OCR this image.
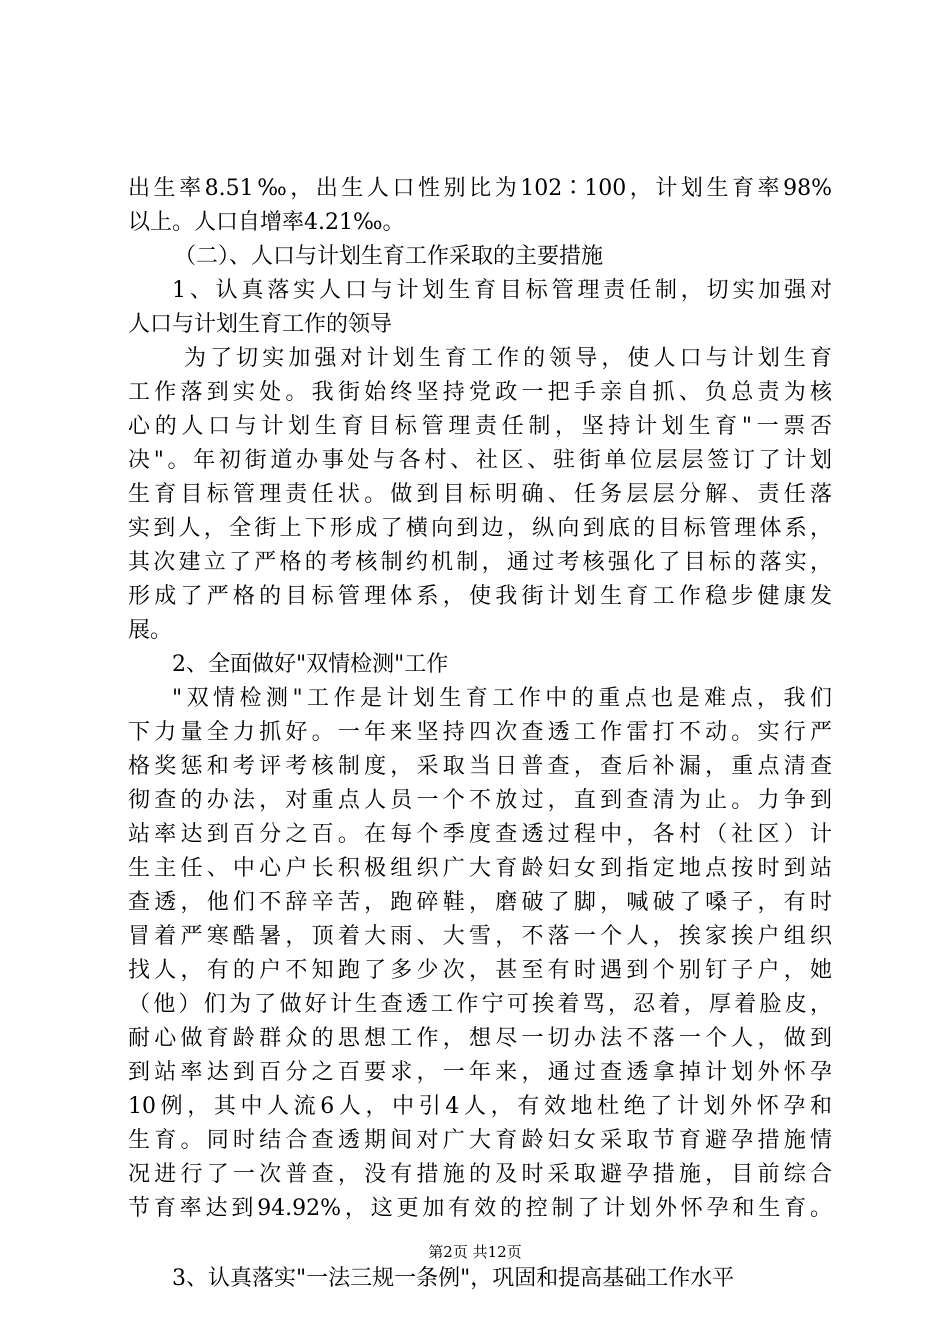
出生率8.51‰，出生人口性别比为102∶100，计划生育率98%
以上。人口自增率4.21‰。
（二）、人口与计划生育工作采取的主要措施
1、认真落实人口与计划生育目标管理责任制，切实加强对
人口与计划生育工作的领导
为了切实加强对计划生育工作的领导，使人口与计划生育
工作落到实处。我街始终坚持党政一把手亲自抓、负总责为核
心的人口与计划生育目标管理责任制，坚持计划生育"一票否
决"。年初街道办事处与各村、社区、驻街单位层层签订了计划
生育目标管理责任状。做到目标明确、任务层层分解、责任落
实到人，全街上下形成了横向到边，纵向到底的目标管理体系，
其次建立了严格的考核制约机制，通过考核强化了目标的落实，
形成了严格的目标管理体系，使我街计划生育工作稳步健康发
展。
2、全面做好"双情检测"工作
"双情检测"工作是计划生育工作中的重点也是难点，我们
下力量全力抓好。一年来坚持四次查透工作雷打不动。实行严
格奖惩和考评考核制度，采取当日普查，查后补漏，重点清查
彻查的办法，对重点人员一个不放过，直到查清为止。力争到
站率达到百分之百。在每个季度查透过程中，各村（社区）计
生主任、中心户长积极组织广大育龄妇女到指定地点按时到站
查透，他们不辞辛苦，跑碎鞋，磨破了脚，喊破了嗓子，有时
冒着严寒酷暑，顶着大雨、大雪，不落一个人，挨家挨户组织
找人，有的户不知跑了多少次，甚至有时遇到个别钉子户，她
（他）们为了做好计生查透工作宁可挨着骂，忍着，厚着脸皮，
耐心做育龄群众的思想工作，想尽一切办法不落一个人，做到
到站率达到百分之百要求，一年来，通过查透拿掉计划外怀孕
10例，其中人流6人，中引4人，有效地杜绝了计划外怀孕和
生育。同时结合查透期间对广大育龄妇女采取节育避孕措施情
况进行了一次普查，没有措施的及时采取避孕措施，目前综合
节育率达到94.92%，这更加有效的控制了计划外怀孕和生育。
3、认真落实"一法三规一条例"，巩固和提高基础工作水平
第2页 共12页
